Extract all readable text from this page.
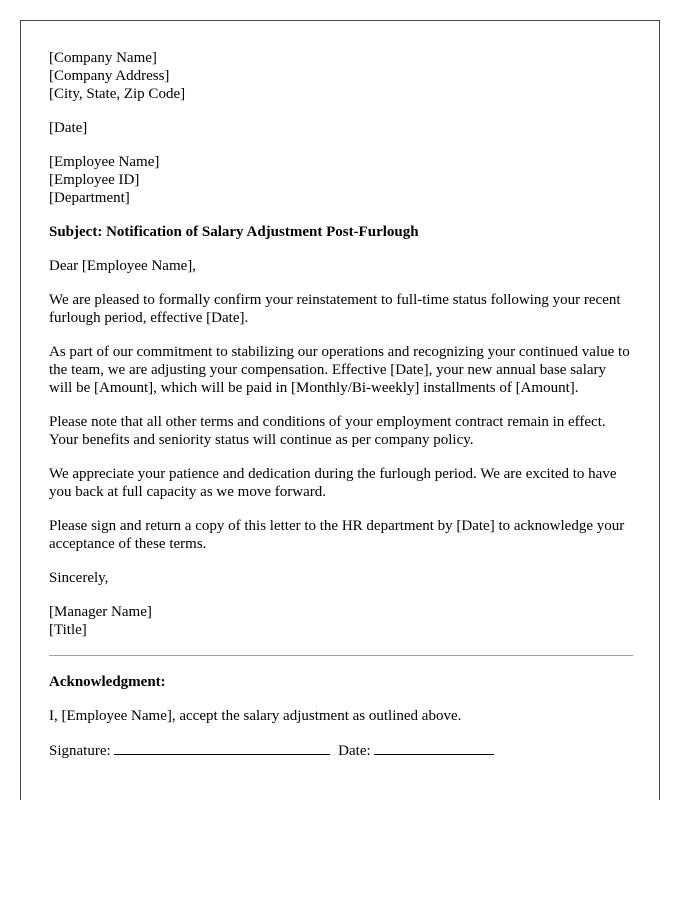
[Company Name]
[Company Address]
[City, State, Zip Code]
[Date]
[Employee Name]
[Employee ID]
[Department]
Subject: Notification of Salary Adjustment Post-Furlough
Dear [Employee Name],
We are pleased to formally confirm your reinstatement to full-time status following your recent furlough period, effective [Date].
As part of our commitment to stabilizing our operations and recognizing your continued value to the team, we are adjusting your compensation. Effective [Date], your new annual base salary will be [Amount], which will be paid in [Monthly/Bi-weekly] installments of [Amount].
Please note that all other terms and conditions of your employment contract remain in effect. Your benefits and seniority status will continue as per company policy.
We appreciate your patience and dedication during the furlough period. We are excited to have you back at full capacity as we move forward.
Please sign and return a copy of this letter to the HR department by [Date] to acknowledge your acceptance of these terms.
Sincerely,
[Manager Name]
[Title]
Acknowledgment:
I, [Employee Name], accept the salary adjustment as outlined above.
Signature:	Date:
